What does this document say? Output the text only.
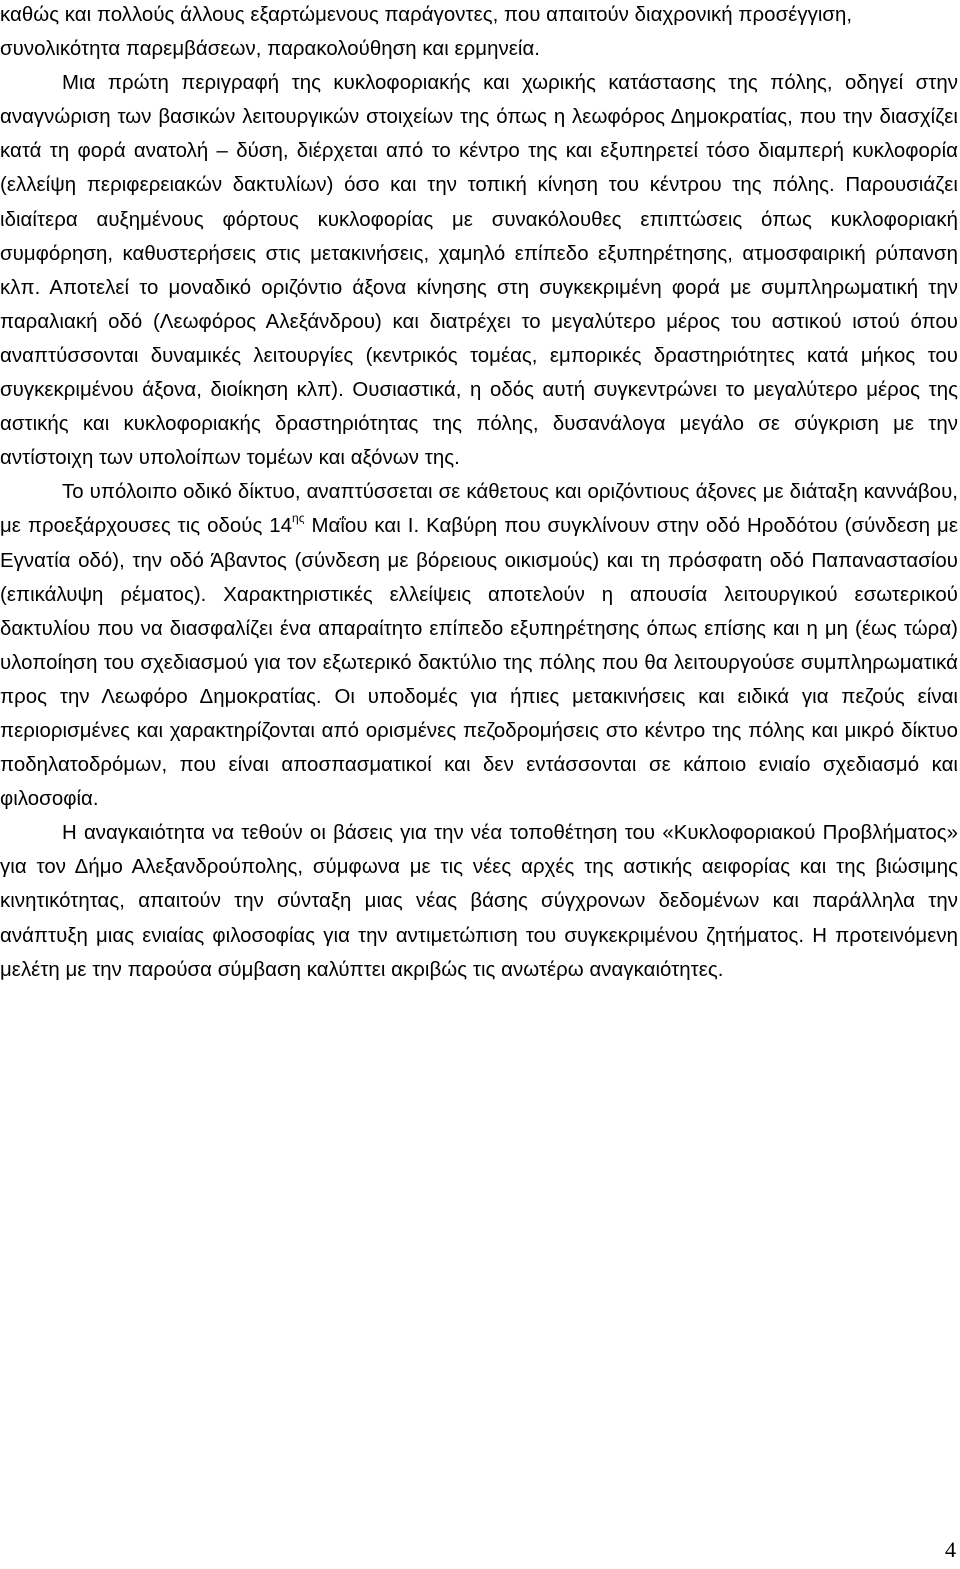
καθώς και πολλούς άλλους εξαρτώμενους παράγοντες, που απαιτούν διαχρονική προσέγγιση, συνολικότητα παρεμβάσεων, παρακολούθηση και ερμηνεία.

Μια πρώτη περιγραφή της κυκλοφοριακής και χωρικής κατάστασης της πόλης, οδηγεί στην αναγνώριση των βασικών λειτουργικών στοιχείων της όπως η λεωφόρος Δημοκρατίας, που την διασχίζει κατά τη φορά ανατολή – δύση, διέρχεται από το κέντρο της και εξυπηρετεί τόσο διαμπερή κυκλοφορία (ελλείψη περιφερειακών δακτυλίων) όσο και την τοπική κίνηση του κέντρου της πόλης. Παρουσιάζει ιδιαίτερα αυξημένους φόρτους κυκλοφορίας με συνακόλουθες επιπτώσεις όπως κυκλοφοριακή συμφόρηση, καθυστερήσεις στις μετακινήσεις, χαμηλό επίπεδο εξυπηρέτησης, ατμοσφαιρική ρύπανση κλπ. Αποτελεί το μοναδικό οριζόντιο άξονα κίνησης στη συγκεκριμένη φορά με συμπληρωματική την παραλιακή οδό (Λεωφόρος Αλεξάνδρου) και διατρέχει το μεγαλύτερο μέρος του αστικού ιστού όπου αναπτύσσονται δυναμικές λειτουργίες (κεντρικός τομέας, εμπορικές δραστηριότητες κατά μήκος του συγκεκριμένου άξονα, διοίκηση κλπ). Ουσιαστικά, η οδός αυτή συγκεντρώνει το μεγαλύτερο μέρος της αστικής και κυκλοφοριακής δραστηριότητας της πόλης, δυσανάλογα μεγάλο σε σύγκριση με την αντίστοιχη των υπολοίπων τομέων και αξόνων της.

Το υπόλοιπο οδικό δίκτυο, αναπτύσσεται σε κάθετους και οριζόντιους άξονες με διάταξη καννάβου, με προεξάρχουσες τις οδούς $14^{\eta\varsigma}$ Μαΐου και Ι. Καβύρη που συγκλίνουν στην οδό Ηροδότου (σύνδεση με Εγνατία οδό), την οδό Άβαντος (σύνδεση με βόρειους οικισμούς) και τη πρόσφατη οδό Παπαναστασίου (επικάλυψη ρέματος). Χαρακτηριστικές ελλείψεις αποτελούν η απουσία λειτουργικού εσωτερικού δακτυλίου που να διασφαλίζει ένα απαραίτητο επίπεδο εξυπηρέτησης όπως επίσης και η μη (έως τώρα) υλοποίηση του σχεδιασμού για τον εξωτερικό δακτύλιο της πόλης που θα λειτουργούσε συμπληρωματικά προς την Λεωφόρο Δημοκρατίας. Οι υποδομές για ήπιες μετακινήσεις και ειδικά για πεζούς είναι περιορισμένες και χαρακτηρίζονται από ορισμένες πεζοδρομήσεις στο κέντρο της πόλης και μικρό δίκτυο ποδηλατοδρόμων, που είναι αποσπασματικοί και δεν εντάσσονται σε κάποιο ενιαίο σχεδιασμό και φιλοσοφία.

Η αναγκαιότητα να τεθούν οι βάσεις για την νέα τοποθέτηση του «Κυκλοφοριακού Προβλήματος» για τον Δήμο Αλεξανδρούπολης, σύμφωνα με τις νέες αρχές της αστικής αειφορίας και της βιώσιμης κινητικότητας, απαιτούν την σύνταξη μιας νέας βάσης σύγχρονων δεδομένων και παράλληλα την ανάπτυξη μιας ενιαίας φιλοσοφίας για την αντιμετώπιση του συγκεκριμένου ζητήματος. Η προτεινόμενη μελέτη με την παρούσα σύμβαση καλύπτει ακριβώς τις ανωτέρω αναγκαιότητες.

4
